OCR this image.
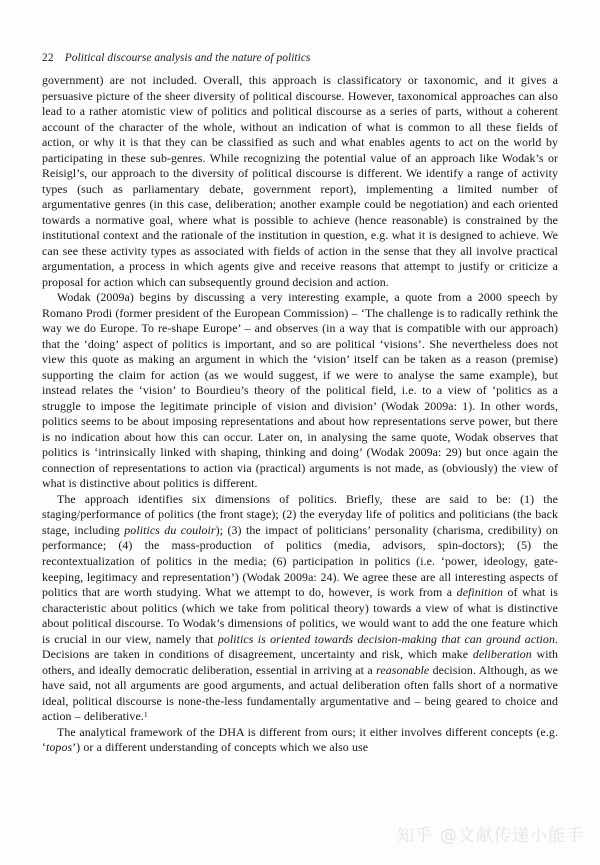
22 Political discourse analysis and the nature of politics

government) are not included. Overall, this approach is classificatory or taxonomic, and it gives a persuasive picture of the sheer diversity of political discourse. However, taxonomical approaches can also lead to a rather atomistic view of politics and political discourse as a series of parts, without a coherent account of the character of the whole, without an indication of what is common to all these fields of action, or why it is that they can be classified as such and what enables agents to act on the world by participating in these sub-genres. While recognizing the potential value of an approach like Wodak’s or Reisigl’s, our approach to the diversity of political discourse is different. We identify a range of activity types (such as parliamentary debate, government report), implementing a limited number of argumentative genres (in this case, deliberation; another example could be negotiation) and each oriented towards a normative goal, where what is possible to achieve (hence reasonable) is constrained by the institutional context and the rationale of the institution in question, e.g. what it is designed to achieve. We can see these activity types as associated with fields of action in the sense that they all involve practical argumentation, a process in which agents give and receive reasons that attempt to justify or criticize a proposal for action which can subsequently ground decision and action.

Wodak (2009a) begins by discussing a very interesting example, a quote from a 2000 speech by Romano Prodi (former president of the European Commission) – ‘The challenge is to radically rethink the way we do Europe. To re-shape Europe’ – and observes (in a way that is compatible with our approach) that the ‘doing’ aspect of politics is important, and so are political ‘visions’. She nevertheless does not view this quote as making an argument in which the ‘vision’ itself can be taken as a reason (premise) supporting the claim for action (as we would suggest, if we were to analyse the same example), but instead relates the ‘vision’ to Bourdieu’s theory of the political field, i.e. to a view of ‘politics as a struggle to impose the legitimate principle of vision and division’ (Wodak 2009a: 1). In other words, politics seems to be about imposing representations and about how representations serve power, but there is no indication about how this can occur. Later on, in analysing the same quote, Wodak observes that politics is ‘intrinsically linked with shaping, thinking and doing’ (Wodak 2009a: 29) but once again the connection of representations to action via (practical) arguments is not made, as (obviously) the view of what is distinctive about politics is different.

The approach identifies six dimensions of politics. Briefly, these are said to be: (1) the staging/performance of politics (the front stage); (2) the everyday life of politics and politicians (the back stage, including politics du couloir); (3) the impact of politicians’ personality (charisma, credibility) on performance; (4) the mass-production of politics (media, advisors, spin-doctors); (5) the recontextualization of politics in the media; (6) participation in politics (i.e. ‘power, ideology, gate-keeping, legitimacy and representation’) (Wodak 2009a: 24). We agree these are all interesting aspects of politics that are worth studying. What we attempt to do, however, is work from a definition of what is characteristic about politics (which we take from political theory) towards a view of what is distinctive about political discourse. To Wodak’s dimensions of politics, we would want to add the one feature which is crucial in our view, namely that politics is oriented towards decision-making that can ground action. Decisions are taken in conditions of disagreement, uncertainty and risk, which make deliberation with others, and ideally democratic deliberation, essential in arriving at a reasonable decision. Although, as we have said, not all arguments are good arguments, and actual deliberation often falls short of a normative ideal, political discourse is none-the-less fundamentally argumentative and – being geared to choice and action – deliberative.$^1$

The analytical framework of the DHA is different from ours; it either involves different concepts (e.g. ‘topos’) or a different understanding of concepts which we also use

知乎 @文献传递小能手
